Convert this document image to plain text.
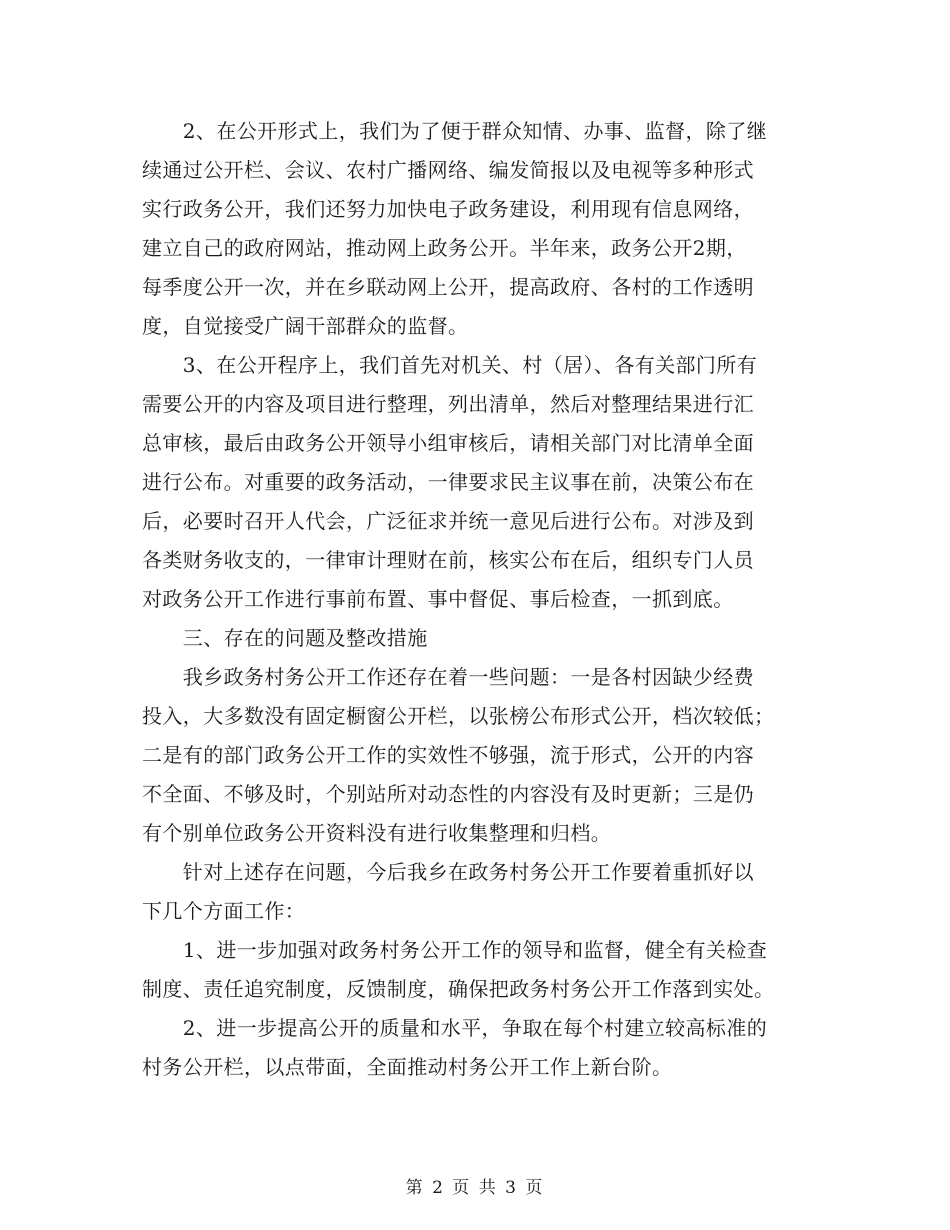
　　2、在公开形式上，我们为了便于群众知情、办事、监督，除了继
续通过公开栏、会议、农村广播网络、编发简报以及电视等多种形式
实行政务公开，我们还努力加快电子政务建设，利用现有信息网络，
建立自己的政府网站，推动网上政务公开。半年来，政务公开2期，
每季度公开一次，并在乡联动网上公开，提高政府、各村的工作透明
度，自觉接受广阔干部群众的监督。
　　3、在公开程序上，我们首先对机关、村（居）、各有关部门所有
需要公开的内容及项目进行整理，列出清单，然后对整理结果进行汇
总审核，最后由政务公开领导小组审核后，请相关部门对比清单全面
进行公布。对重要的政务活动，一律要求民主议事在前，决策公布在
后，必要时召开人代会，广泛征求并统一意见后进行公布。对涉及到
各类财务收支的，一律审计理财在前，核实公布在后，组织专门人员
对政务公开工作进行事前布置、事中督促、事后检查，一抓到底。
　　三、存在的问题及整改措施
　　我乡政务村务公开工作还存在着一些问题：一是各村因缺少经费
投入，大多数没有固定橱窗公开栏，以张榜公布形式公开，档次较低；
二是有的部门政务公开工作的实效性不够强，流于形式，公开的内容
不全面、不够及时，个别站所对动态性的内容没有及时更新；三是仍
有个别单位政务公开资料没有进行收集整理和归档。
　　针对上述存在问题，今后我乡在政务村务公开工作要着重抓好以
下几个方面工作：
　　1、进一步加强对政务村务公开工作的领导和监督，健全有关检查
制度、责任追究制度，反馈制度，确保把政务村务公开工作落到实处。
　　2、进一步提高公开的质量和水平，争取在每个村建立较高标准的
村务公开栏，以点带面，全面推动村务公开工作上新台阶。
第 2 页 共 3 页
